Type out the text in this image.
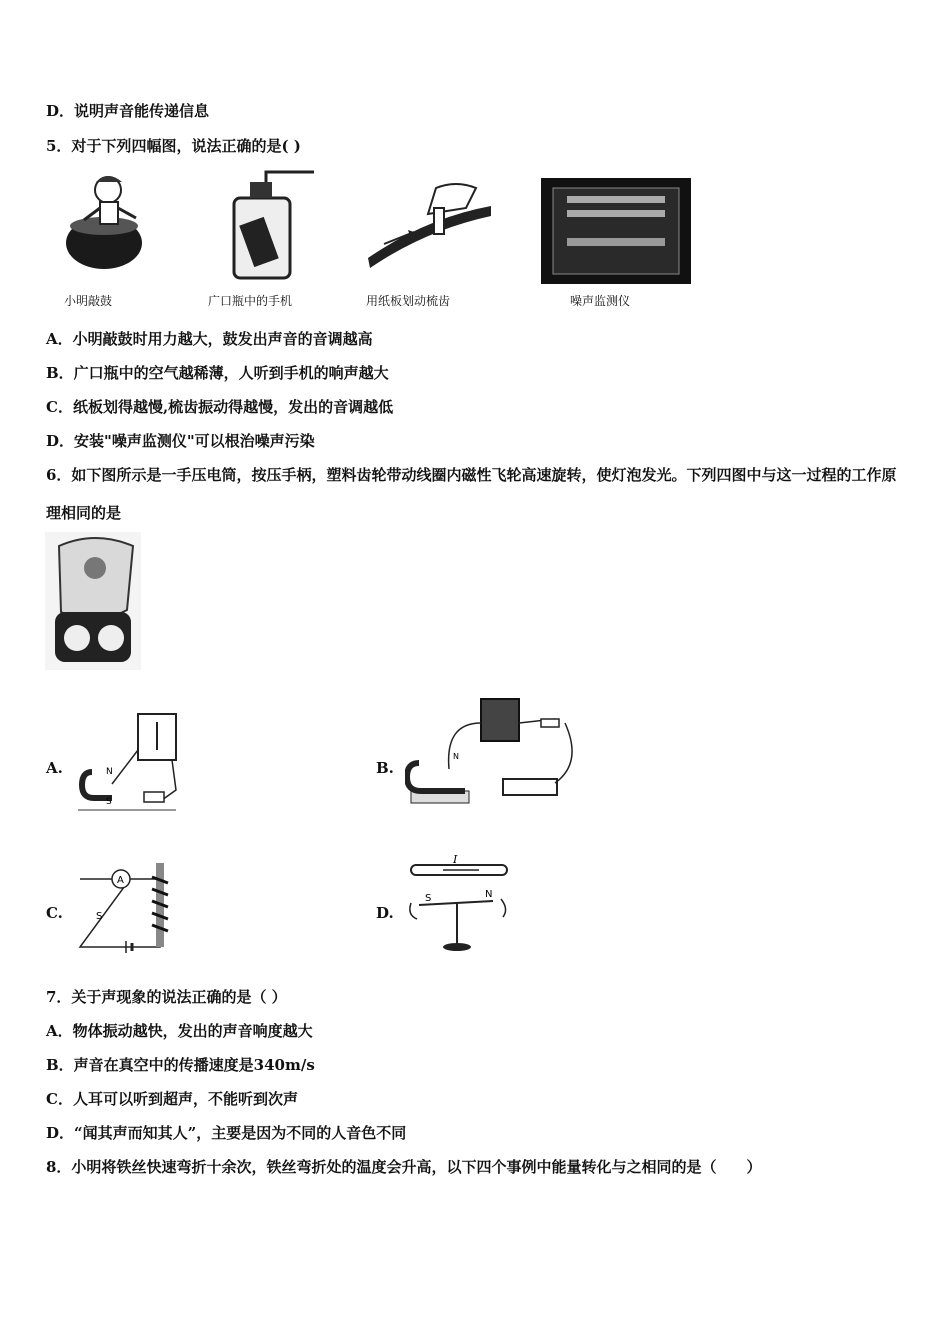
D．说明声音能传递信息
5．对于下列四幅图，说法正确的是( )
小明敲鼓	广口瓶中的手机	用纸板划动梳齿	噪声监测仪
A．小明敲鼓时用力越大，鼓发出声音的音调越高
B．广口瓶中的空气越稀薄，人听到手机的响声越大
C．纸板划得越慢,梳齿振动得越慢，发出的音调越低
D．安装"噪声监测仪"可以根治噪声污染
6．如下图所示是一手压电筒，按压手柄，塑料齿轮带动线圈内磁性飞轮高速旋转，使灯泡发光。下列四图中与这一过程的工作原理相同的是
A.	N
S
B.
N
C.
A
S	D.
I
S	N
7．关于声现象的说法正确的是（ ）
A．物体振动越快，发出的声音响度越大
B．声音在真空中的传播速度是340m/s
C．人耳可以听到超声，不能听到次声
D．“闻其声而知其人”，主要是因为不同的人音色不同
8．小明将铁丝快速弯折十余次，铁丝弯折处的温度会升高，以下四个事例中能量转化与之相同的是（　　）
